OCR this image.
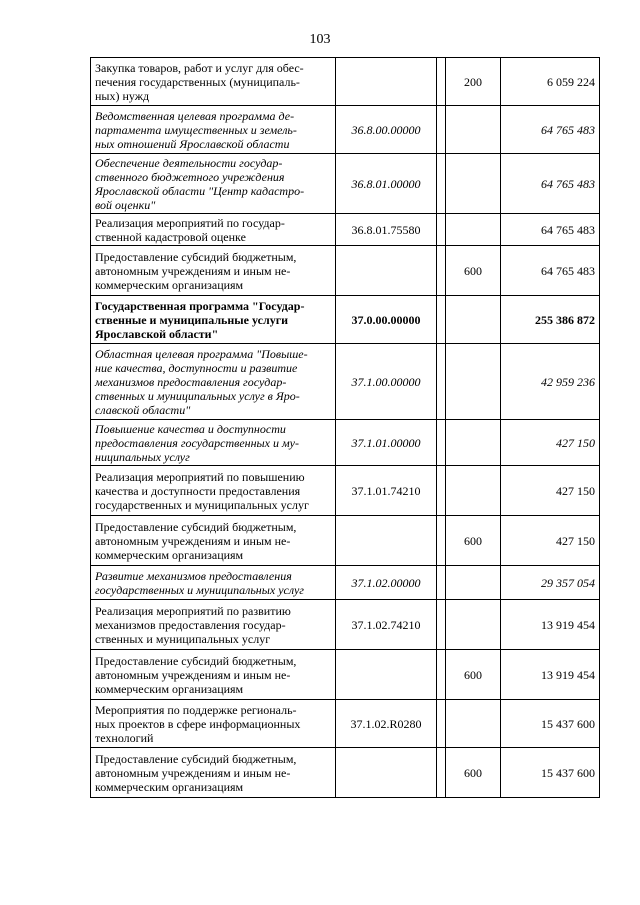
103
Закупка товаров, работ и услуг для обес-
печения государственных (муниципаль-
ных) нужд			200	6 059 224
Ведомственная целевая программа де-
партамента имущественных и земель-
ных отношений Ярославской области	36.8.00.00000			64 765 483
Обеспечение деятельности государ-
ственного бюджетного учреждения
Ярославской области "Центр кадастро-
вой оценки"	36.8.01.00000			64 765 483
Реализация мероприятий по государ-
ственной кадастровой оценке	36.8.01.75580			64 765 483
Предоставление субсидий бюджетным,
автономным учреждениям и иным не-
коммерческим организациям			600	64 765 483
Государственная программа "Государ-
ственные и муниципальные услуги
Ярославской области"	37.0.00.00000			255 386 872
Областная целевая программа "Повыше-
ние качества, доступности и развитие
механизмов предоставления государ-
ственных и муниципальных услуг в Яро-
славской области"	37.1.00.00000			42 959 236
Повышение качества и доступности
предоставления государственных и му-
ниципальных услуг	37.1.01.00000			427 150
Реализация мероприятий по повышению
качества и доступности предоставления
государственных и муниципальных услуг	37.1.01.74210			427 150
Предоставление субсидий бюджетным,
автономным учреждениям и иным не-
коммерческим организациям			600	427 150
Развитие механизмов предоставления
государственных и муниципальных услуг	37.1.02.00000			29 357 054
Реализация мероприятий по развитию
механизмов предоставления государ-
ственных и муниципальных услуг	37.1.02.74210			13 919 454
Предоставление субсидий бюджетным,
автономным учреждениям и иным не-
коммерческим организациям			600	13 919 454
Мероприятия по поддержке региональ-
ных проектов в сфере информационных
технологий	37.1.02.R0280			15 437 600
Предоставление субсидий бюджетным,
автономным учреждениям и иным не-
коммерческим организациям			600	15 437 600
